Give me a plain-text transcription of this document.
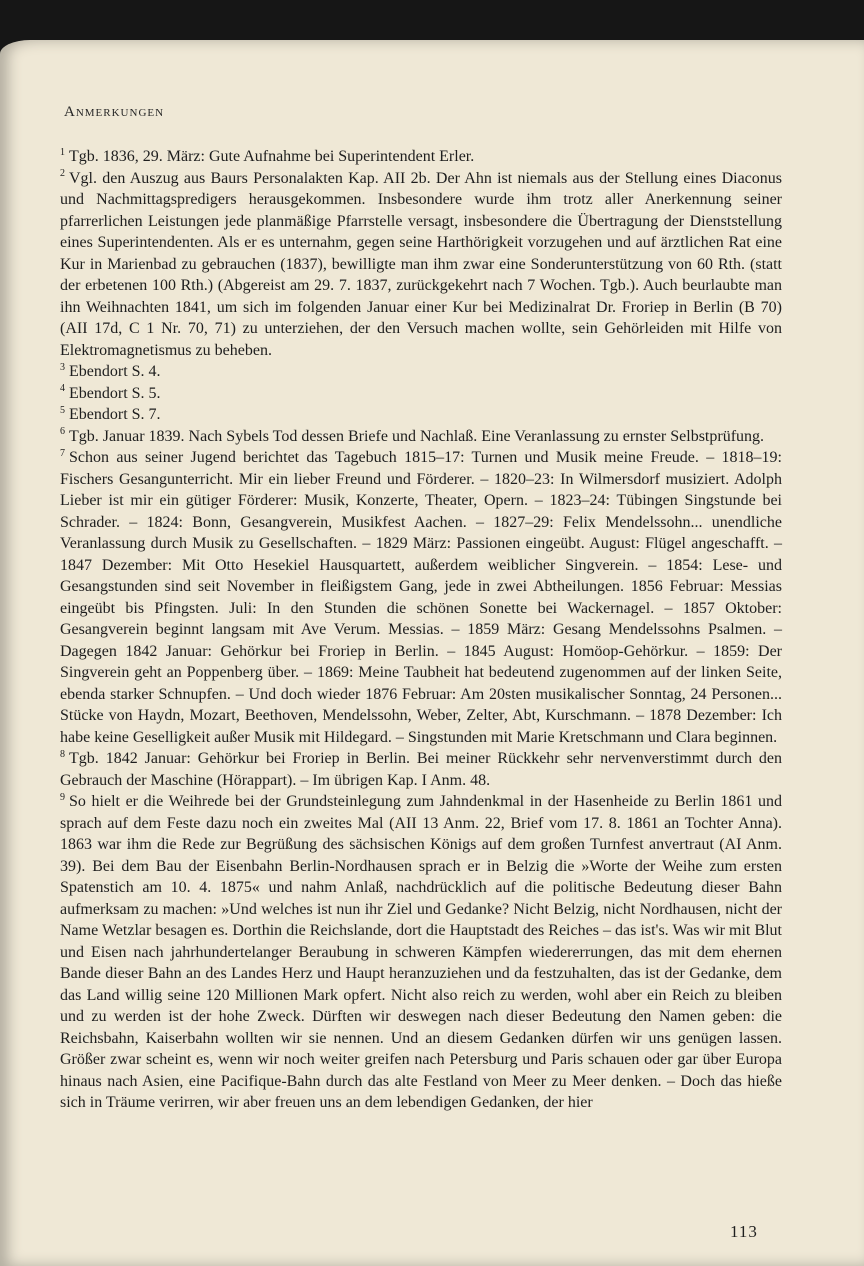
Anmerkungen

$^1$ Tgb. 1836, 29. März: Gute Aufnahme bei Superintendent Erler.

$^2$ Vgl. den Auszug aus Baurs Personalakten Kap. AII 2b. Der Ahn ist niemals aus der Stellung eines Diaconus und Nachmittagspredigers herausgekommen. Insbesondere wurde ihm trotz aller Anerkennung seiner pfarrerlichen Leistungen jede planmäßige Pfarrstelle versagt, insbesondere die Übertragung der Dienststellung eines Superintendenten. Als er es unternahm, gegen seine Harthörigkeit vorzugehen und auf ärztlichen Rat eine Kur in Marienbad zu gebrauchen (1837), bewilligte man ihm zwar eine Sonderunterstützung von 60 Rth. (statt der erbetenen 100 Rth.) (Abgereist am 29. 7. 1837, zurückgekehrt nach 7 Wochen. Tgb.). Auch beurlaubte man ihn Weihnachten 1841, um sich im folgenden Januar einer Kur bei Medizinalrat Dr. Froriep in Berlin (B 70) (AII 17d, C 1 Nr. 70, 71) zu unterziehen, der den Versuch machen wollte, sein Gehörleiden mit Hilfe von Elektromagnetismus zu beheben.

$^3$ Ebendort S. 4.

$^4$ Ebendort S. 5.

$^5$ Ebendort S. 7.

$^6$ Tgb. Januar 1839. Nach Sybels Tod dessen Briefe und Nachlaß. Eine Veranlassung zu ernster Selbstprüfung.

$^7$ Schon aus seiner Jugend berichtet das Tagebuch 1815–17: Turnen und Musik meine Freude. – 1818–19: Fischers Gesangunterricht. Mir ein lieber Freund und Förderer. – 1820–23: In Wilmersdorf musiziert. Adolph Lieber ist mir ein gütiger Förderer: Musik, Konzerte, Theater, Opern. – 1823–24: Tübingen Singstunde bei Schrader. – 1824: Bonn, Gesangverein, Musikfest Aachen. – 1827–29: Felix Mendelssohn... unendliche Veranlassung durch Musik zu Gesellschaften. – 1829 März: Passionen eingeübt. August: Flügel angeschafft. – 1847 Dezember: Mit Otto Hesekiel Hausquartett, außerdem weiblicher Singverein. – 1854: Lese- und Gesangstunden sind seit November in fleißigstem Gang, jede in zwei Abtheilungen. 1856 Februar: Messias eingeübt bis Pfingsten. Juli: In den Stunden die schönen Sonette bei Wackernagel. – 1857 Oktober: Gesangverein beginnt langsam mit Ave Verum. Messias. – 1859 März: Gesang Mendelssohns Psalmen. – Dagegen 1842 Januar: Gehörkur bei Froriep in Berlin. – 1845 August: Homöop-Gehörkur. – 1859: Der Singverein geht an Poppenberg über. – 1869: Meine Taubheit hat bedeutend zugenommen auf der linken Seite, ebenda starker Schnupfen. – Und doch wieder 1876 Februar: Am 20sten musikalischer Sonntag, 24 Personen... Stücke von Haydn, Mozart, Beethoven, Mendelssohn, Weber, Zelter, Abt, Kurschmann. – 1878 Dezember: Ich habe keine Geselligkeit außer Musik mit Hildegard. – Singstunden mit Marie Kretschmann und Clara beginnen.

$^8$ Tgb. 1842 Januar: Gehörkur bei Froriep in Berlin. Bei meiner Rückkehr sehr nervenverstimmt durch den Gebrauch der Maschine (Hörappart). – Im übrigen Kap. I Anm. 48.

$^9$ So hielt er die Weihrede bei der Grundsteinlegung zum Jahndenkmal in der Hasenheide zu Berlin 1861 und sprach auf dem Feste dazu noch ein zweites Mal (AII 13 Anm. 22, Brief vom 17. 8. 1861 an Tochter Anna). 1863 war ihm die Rede zur Begrüßung des sächsischen Königs auf dem großen Turnfest anvertraut (AI Anm. 39). Bei dem Bau der Eisenbahn Berlin-Nordhausen sprach er in Belzig die »Worte der Weihe zum ersten Spatenstich am 10. 4. 1875« und nahm Anlaß, nachdrücklich auf die politische Bedeutung dieser Bahn aufmerksam zu machen: »Und welches ist nun ihr Ziel und Gedanke? Nicht Belzig, nicht Nordhausen, nicht der Name Wetzlar besagen es. Dorthin die Reichslande, dort die Hauptstadt des Reiches – das ist's. Was wir mit Blut und Eisen nach jahrhundertelanger Beraubung in schweren Kämpfen wiedererrungen, das mit dem ehernen Bande dieser Bahn an des Landes Herz und Haupt heranzuziehen und da festzuhalten, das ist der Gedanke, dem das Land willig seine 120 Millionen Mark opfert. Nicht also reich zu werden, wohl aber ein Reich zu bleiben und zu werden ist der hohe Zweck. Dürften wir deswegen nach dieser Bedeutung den Namen geben: die Reichsbahn, Kaiserbahn wollten wir sie nennen. Und an diesem Gedanken dürfen wir uns genügen lassen. Größer zwar scheint es, wenn wir noch weiter greifen nach Petersburg und Paris schauen oder gar über Europa hinaus nach Asien, eine Pacifique-Bahn durch das alte Festland von Meer zu Meer denken. – Doch das hieße sich in Träume verirren, wir aber freuen uns an dem lebendigen Gedanken, der hier

113
